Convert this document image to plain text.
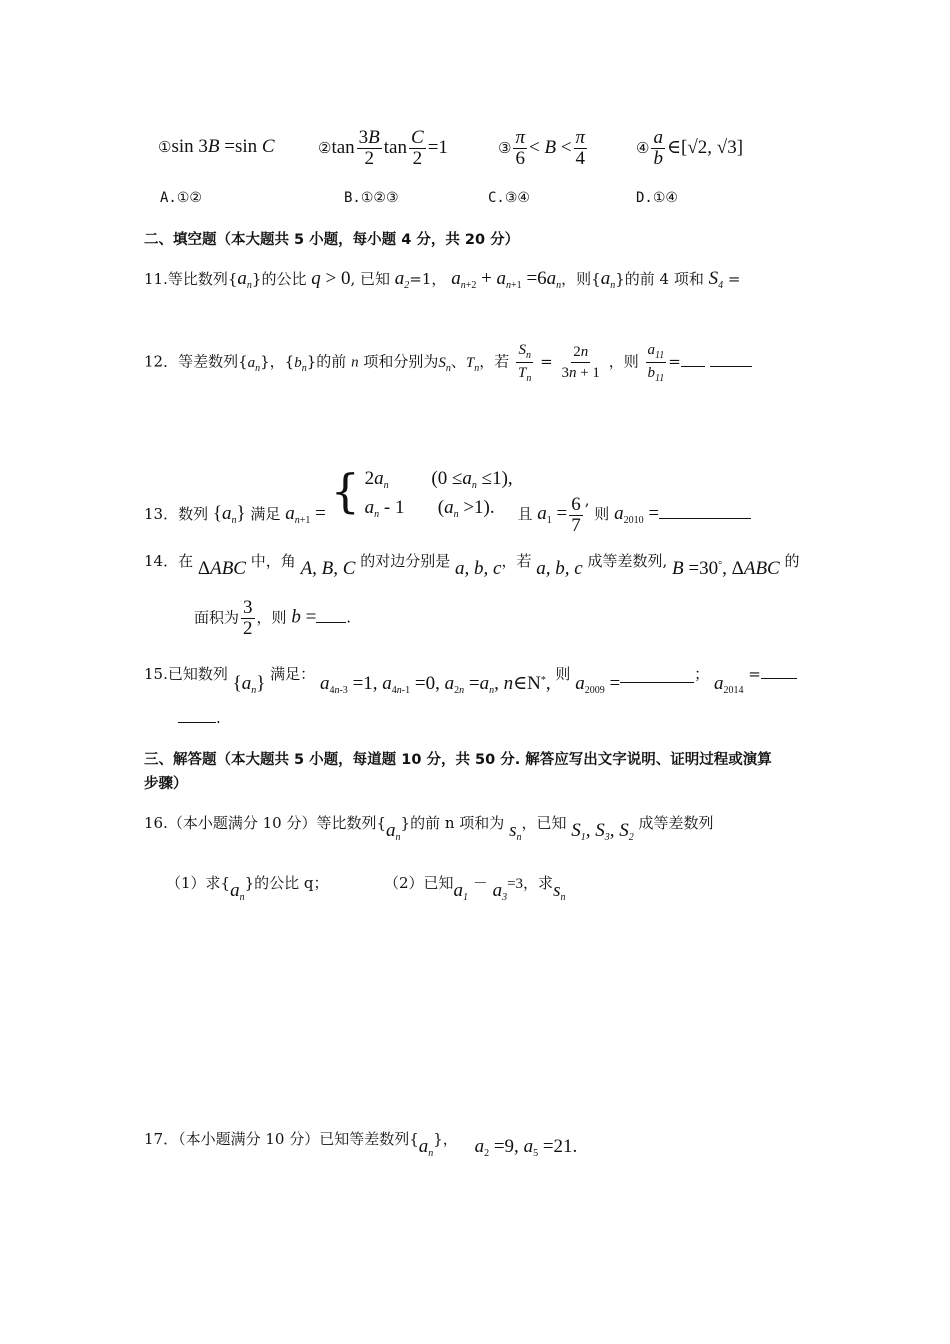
①sin 3B =sin C	②tan $\frac{3B}{2}$ $\tan \frac{C}{2} =1$	③ $\frac{\pi}{6} < B < \frac{\pi}{4}$	④ $\frac{a}{b}$ ∈[√2, √3]
A.①②	B.①②③	C.③④	D.①④
二、填空题（本大题共 5 小题，每小题 4 分，共 20 分）
11.等比数列$\{a_n\}$的公比 q > 0, 已知 $a_2=1$， $a_{n+2} + a_{n+1} =6a_n$，则$\{a_n\}$的前 4 项和 $S_4$ =
12．等差数列$\{a_n\}$，$\{b_n\}$的前 n 项和分别为$S_n$、$T_n$，若 $\frac{S_n}{T_n} = \frac{2n}{3n + 1}$ ，则 $\frac{a_{11}}{b_{11}}$ =
13．数列 $\{a_n\}$ 满足 $a_{n+1}$ = { $2a_n$         $(0 \le a_n \le 1)$,
$a_n - 1$       $(a_n >1)$.	且 $a_1 = \frac{6}{7}$ , 则 $a_{2010}$ =
14．在 ΔABC 中，角 A, B, C 的对边分别是 a, b, c，若 a, b, c 成等差数列, B =30°, ΔABC 的
面积为 $\frac{3}{2}$ ，则 b = .
15.已知数列 $\{a_n\}$ 满足： $a_{4n-3} =1$, $a_{4n-1} =0$, $a_{2n} =a_n$, n∈N*, 则 $a_{2009}$ =	； $a_{2014}$ =
.
三、解答题（本大题共 5 小题，每道题 10 分，共 50 分. 解答应写出文字说明、证明过程或演算
步骤）
16.（本小题满分 10 分）等比数列$\{a_n\}$的前 n 项和为 $s_n$，已知 $S_1$, $S_3$, $S_2$ 成等差数列
（1）求$\{a_n\}$的公比 q；	（2）已知$a_1 - a_3=3$，求$s_n$
17．（本小题满分 10 分）已知等差数列$\{a_n\}$， $a_2 =9$, $a_5 =21$.
